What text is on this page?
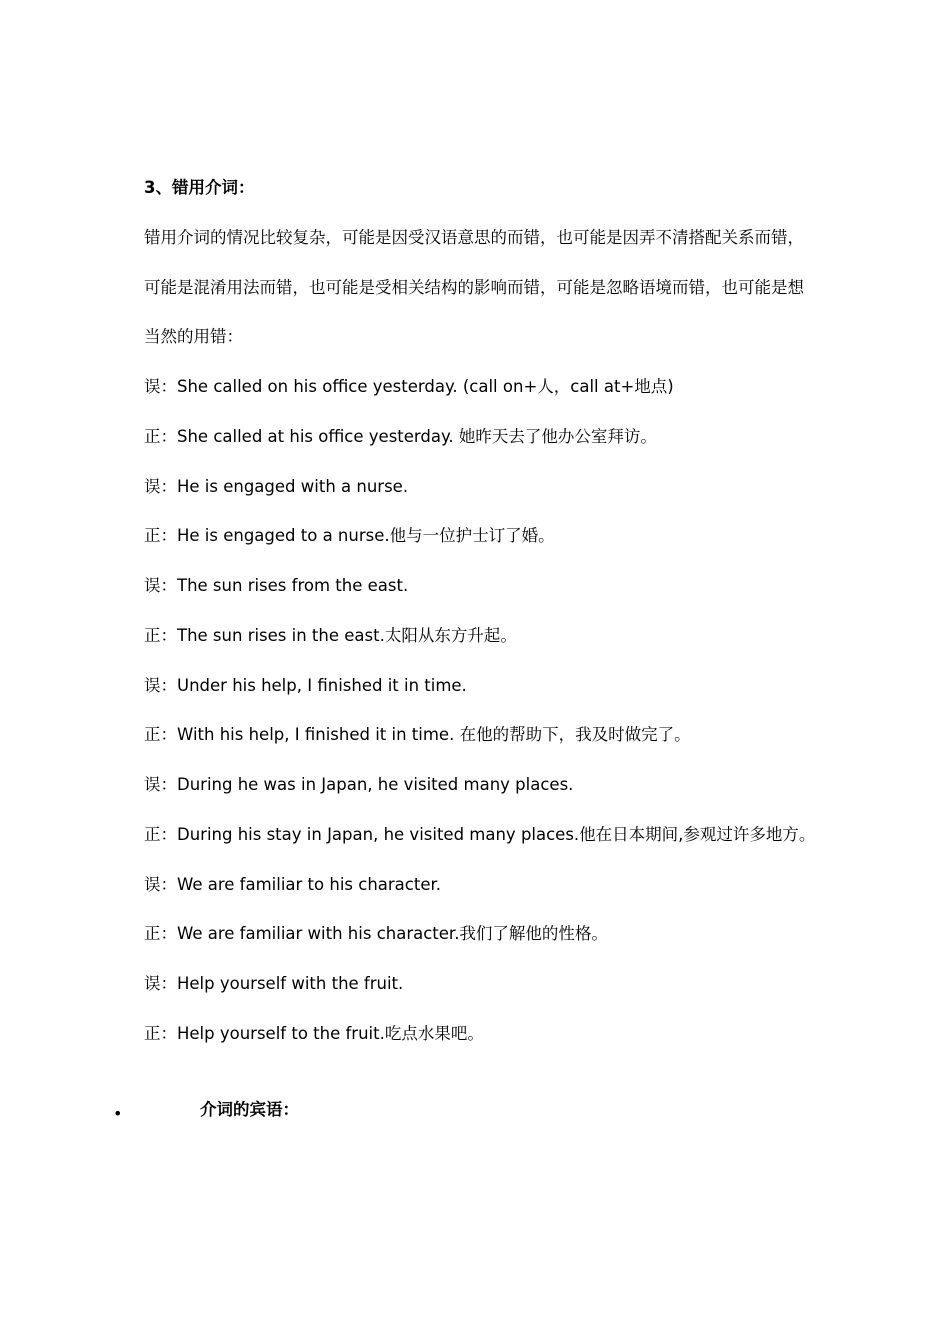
3、错用介词：
错用介词的情况比较复杂，可能是因受汉语意思的而错，也可能是因弄不清搭配关系而错，
可能是混淆用法而错，也可能是受相关结构的影响而错，可能是忽略语境而错，也可能是想
当然的用错：
误：She called on his office yesterday. (call on+人，call at+地点)
正：She called at his office yesterday. 她昨天去了他办公室拜访。
误：He is engaged with a nurse.
正：He is engaged to a nurse.他与一位护士订了婚。
误：The sun rises from the east.
正：The sun rises in the east.太阳从东方升起。
误：Under his help, I finished it in time.
正：With his help, I finished it in time. 在他的帮助下，我及时做完了。
误：During he was in Japan, he visited many places.
正：During his stay in Japan, he visited many places.他在日本期间,参观过许多地方。
误：We are familiar to his character.
正：We are familiar with his character.我们了解他的性格。
误：Help yourself with the fruit.
正：Help yourself to the fruit.吃点水果吧。
•	介词的宾语：
